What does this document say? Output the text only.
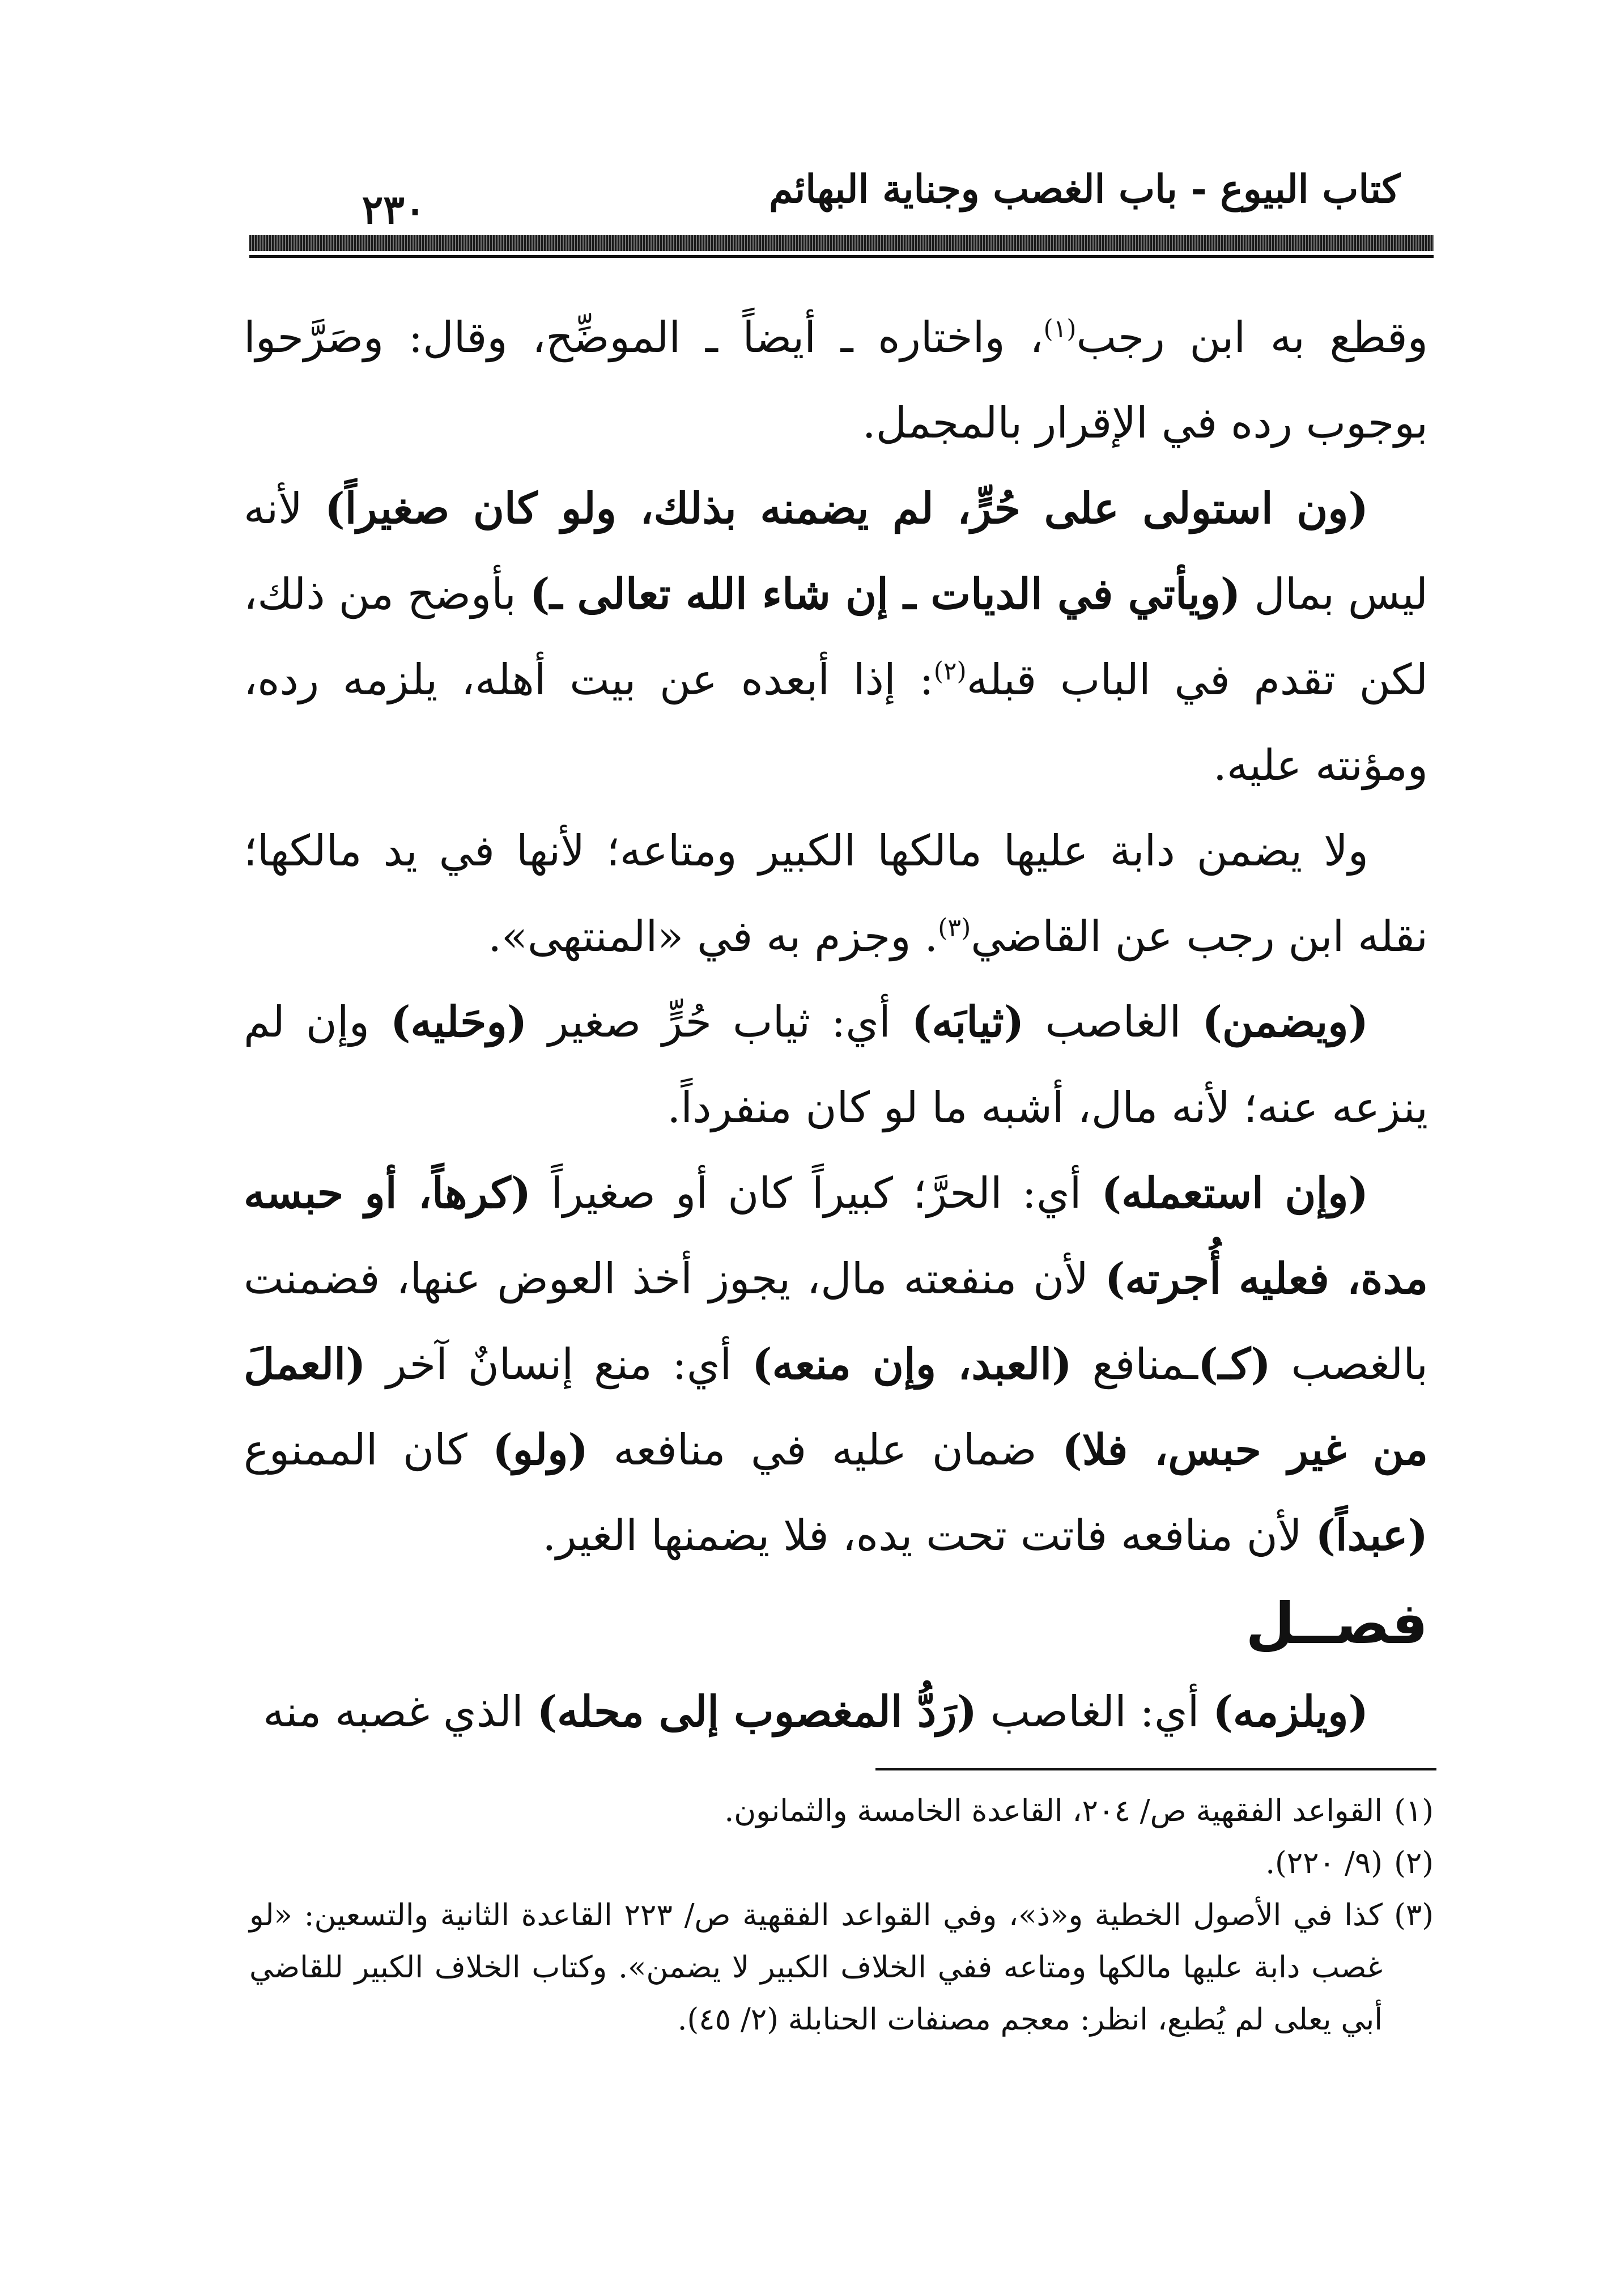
٢٣٠	كتاب البيوع - باب الغصب وجناية البهائم

وقطع به ابن رجب$^{(١)}$، واختاره ـ أيضاً ـ الموضِّح، وقال: وصَرَّحوا بوجوب رده في الإقرار بالمجمل.

(ون استولى على حُرٍّ، لم يضمنه بذلك، ولو كان صغيراً) لأنه ليس بمال (ويأتي في الديات ـ إن شاء الله تعالى ـ) بأوضح من ذلك، لكن تقدم في الباب قبله$^{(٢)}$: إذا أبعده عن بيت أهله، يلزمه رده، ومؤنته عليه.

ولا يضمن دابة عليها مالكها الكبير ومتاعه؛ لأنها في يد مالكها؛ نقله ابن رجب عن القاضي$^{(٣)}$. وجزم به في «المنتهى».

(ويضمن) الغاصب (ثيابَه) أي: ثياب حُرٍّ صغير (وحَليه) وإن لم ينزعه عنه؛ لأنه مال، أشبه ما لو كان منفرداً.

(وإن استعمله) أي: الحرَّ؛ كبيراً كان أو صغيراً (كرهاً، أو حبسه مدة، فعليه أُجرته) لأن منفعته مال، يجوز أخذ العوض عنها، فضمنت بالغصب (كـ)ـمنافع (العبد، وإن منعه) أي: منع إنسانٌ آخر (العملَ من غير حبس، فلا) ضمان عليه في منافعه (ولو) كان الممنوع (عبداً) لأن منافعه فاتت تحت يده، فلا يضمنها الغير.

فصــل

(ويلزمه) أي: الغاصب (رَدُّ المغصوب إلى محله) الذي غصبه منه

(١)
القواعد الفقهية ص/ ٢٠٤، القاعدة الخامسة والثمانون.

(٢)
(٩/ ٢٢٠).

(٣)
كذا في الأصول الخطية و«ذ»، وفي القواعد الفقهية ص/ ٢٢٣ القاعدة الثانية والتسعين: «لو غصب دابة عليها مالكها ومتاعه ففي الخلاف الكبير لا يضمن». وكتاب الخلاف الكبير للقاضي أبي يعلى لم يُطبع، انظر: معجم مصنفات الحنابلة (٢/ ٤٥).
